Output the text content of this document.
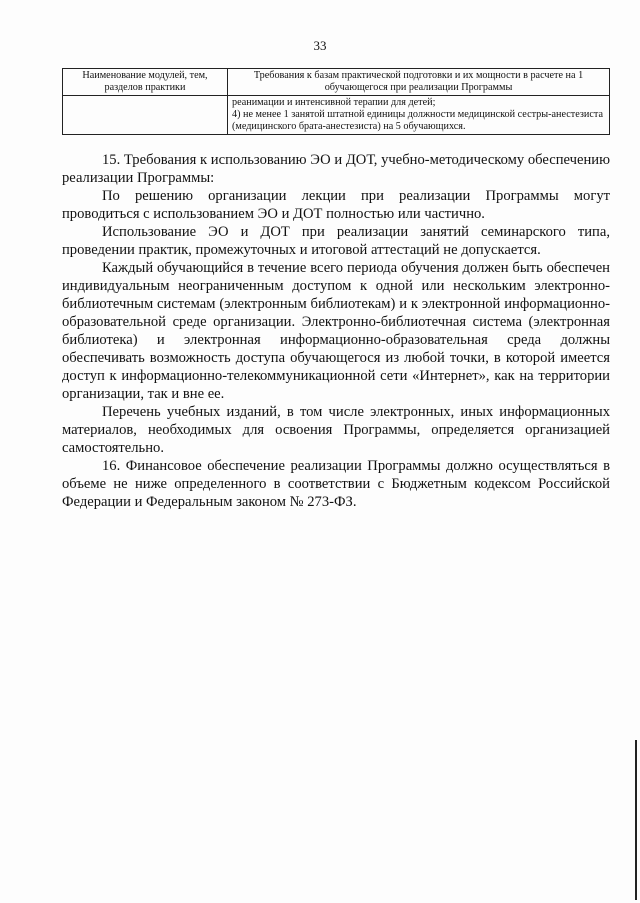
33
Наименование модулей, тем, разделов практики	Требования к базам практической подготовки и их мощности в расчете на 1 обучающегося при реализации Программы

	реанимации и интенсивной терапии для детей;
4) не менее 1 занятой штатной единицы должности медицинской сестры-анестезиста (медицинского брата-анестезиста) на 5 обучающихся.

15. Требования к использованию ЭО и ДОТ, учебно-методическому обеспечению реализации Программы:

По решению организации лекции при реализации Программы могут проводиться с использованием ЭО и ДОТ полностью или частично.

Использование ЭО и ДОТ при реализации занятий семинарского типа, проведении практик, промежуточных и итоговой аттестаций не допускается.

Каждый обучающийся в течение всего периода обучения должен быть обеспечен индивидуальным неограниченным доступом к одной или нескольким электронно-библиотечным системам (электронным библиотекам) и к электронной информационно-образовательной среде организации. Электронно-библиотечная система (электронная библиотека) и электронная информационно-образовательная среда должны обеспечивать возможность доступа обучающегося из любой точки, в которой имеется доступ к информационно-телекоммуникационной сети «Интернет», как на территории организации, так и вне ее.

Перечень учебных изданий, в том числе электронных, иных информационных материалов, необходимых для освоения Программы, определяется организацией самостоятельно.

16. Финансовое обеспечение реализации Программы должно осуществляться в объеме не ниже определенного в соответствии с Бюджетным кодексом Российской Федерации и Федеральным законом № 273-ФЗ.
